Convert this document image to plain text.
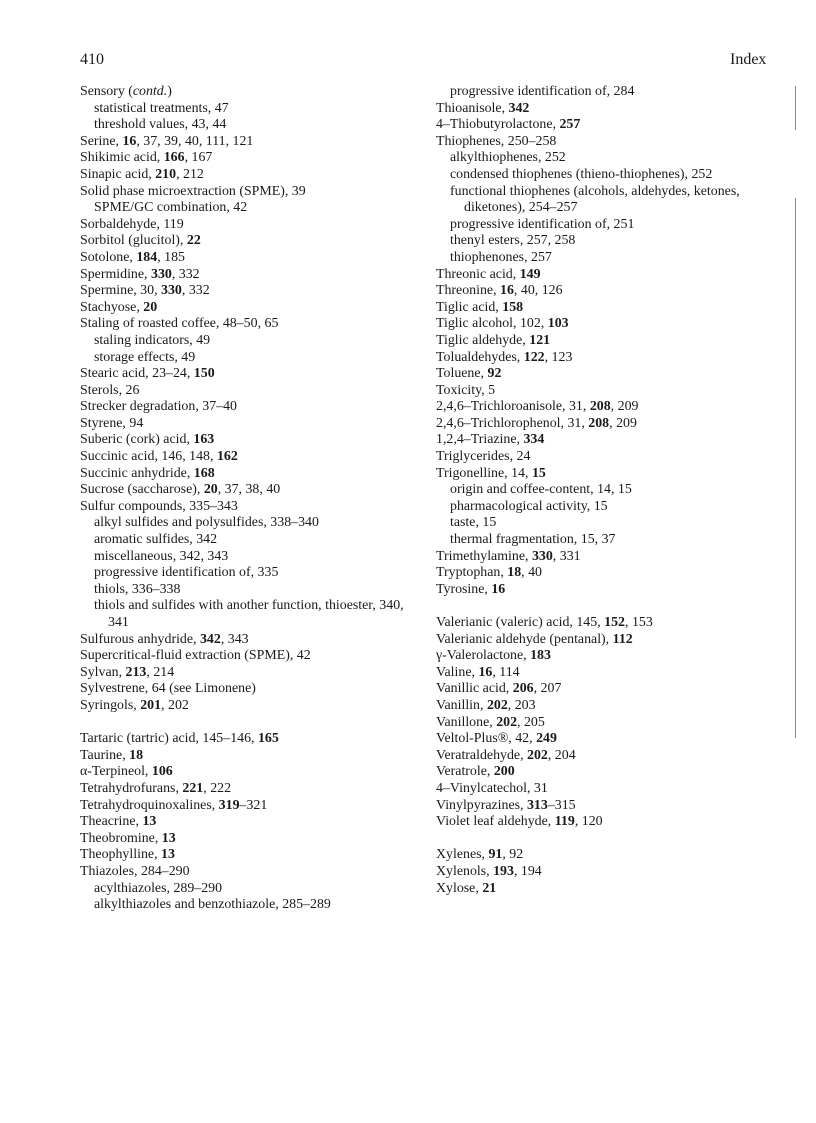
410	Index
Sensory (contd.)
statistical treatments, 47
threshold values, 43, 44
Serine, 16, 37, 39, 40, 111, 121
Shikimic acid, 166, 167
Sinapic acid, 210, 212
Solid phase microextraction (SPME), 39
SPME/GC combination, 42
Sorbaldehyde, 119
Sorbitol (glucitol), 22
Sotolone, 184, 185
Spermidine, 330, 332
Spermine, 30, 330, 332
Stachyose, 20
Staling of roasted coffee, 48–50, 65
staling indicators, 49
storage effects, 49
Stearic acid, 23–24, 150
Sterols, 26
Strecker degradation, 37–40
Styrene, 94
Suberic (cork) acid, 163
Succinic acid, 146, 148, 162
Succinic anhydride, 168
Sucrose (saccharose), 20, 37, 38, 40
Sulfur compounds, 335–343
alkyl sulfides and polysulfides, 338–340
aromatic sulfides, 342
miscellaneous, 342, 343
progressive identification of, 335
thiols, 336–338
thiols and sulfides with another function, thioester, 340, 341
Sulfurous anhydride, 342, 343
Supercritical-fluid extraction (SPME), 42
Sylvan, 213, 214
Sylvestrene, 64 (see Limonene)
Syringols, 201, 202
Tartaric (tartric) acid, 145–146, 165
Taurine, 18
α-Terpineol, 106
Tetrahydrofurans, 221, 222
Tetrahydroquinoxalines, 319–321
Theacrine, 13
Theobromine, 13
Theophylline, 13
Thiazoles, 284–290
acylthiazoles, 289–290
alkylthiazoles and benzothiazole, 285–289
progressive identification of, 284
Thioanisole, 342
4–Thiobutyrolactone, 257
Thiophenes, 250–258
alkylthiophenes, 252
condensed thiophenes (thieno-thiophenes), 252
functional thiophenes (alcohols, aldehydes, ketones, diketones), 254–257
progressive identification of, 251
thenyl esters, 257, 258
thiophenones, 257
Threonic acid, 149
Threonine, 16, 40, 126
Tiglic acid, 158
Tiglic alcohol, 102, 103
Tiglic aldehyde, 121
Tolualdehydes, 122, 123
Toluene, 92
Toxicity, 5
2,4,6–Trichloroanisole, 31, 208, 209
2,4,6–Trichlorophenol, 31, 208, 209
1,2,4–Triazine, 334
Triglycerides, 24
Trigonelline, 14, 15
origin and coffee-content, 14, 15
pharmacological activity, 15
taste, 15
thermal fragmentation, 15, 37
Trimethylamine, 330, 331
Tryptophan, 18, 40
Tyrosine, 16
Valerianic (valeric) acid, 145, 152, 153
Valerianic aldehyde (pentanal), 112
γ-Valerolactone, 183
Valine, 16, 114
Vanillic acid, 206, 207
Vanillin, 202, 203
Vanillone, 202, 205
Veltol-Plus®, 42, 249
Veratraldehyde, 202, 204
Veratrole, 200
4–Vinylcatechol, 31
Vinylpyrazines, 313–315
Violet leaf aldehyde, 119, 120
Xylenes, 91, 92
Xylenols, 193, 194
Xylose, 21
